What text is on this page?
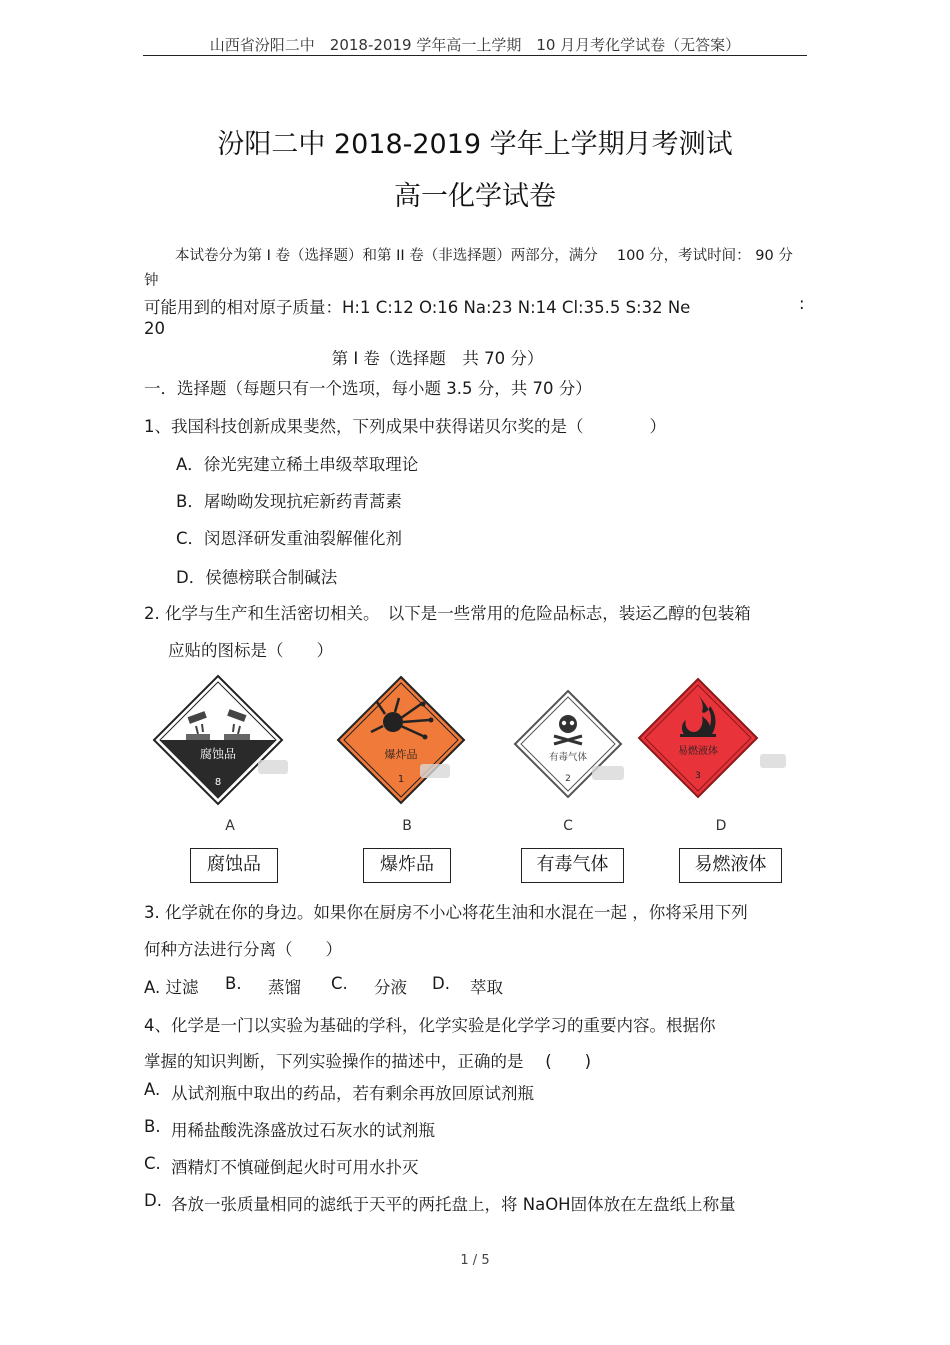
山西省汾阳二中　2018-2019 学年高一上学期　10 月月考化学试卷（无答案）
汾阳二中 2018-2019 学年上学期月考测试
高一化学试卷
本试卷分为第 I 卷（选择题）和第 II 卷（非选择题）两部分，满分　 100 分，考试时间： 90 分
钟
可能用到的相对原子质量：H:1 C:12 O:16 Na:23 N:14 Cl:35.5 S:32 Ne	:
20
第 I 卷（选择题　共 70 分）
一．选择题（每题只有一个选项，每小题 3.5 分，共 70 分）
1、我国科技创新成果斐然，下列成果中获得诺贝尔奖的是（　　　　）
A．徐光宪建立稀土串级萃取理论
B．屠呦呦发现抗疟新药青蒿素
C．闵恩泽研发重油裂解催化剂
D．侯德榜联合制碱法
2. 化学与生产和生活密切相关。　以下是一些常用的危险品标志，装运乙醇的包装箱
应贴的图标是（　　）
腐蚀品
8
爆炸品
1
有毒气体
2
易燃液体
3
A	B	C	D
腐蚀品	爆炸品	有毒气体	易燃液体
3. 化学就在你的身边。如果你在厨房不小心将花生油和水混在一起 ，你将采用下列
何种方法进行分离（　　）
A. 过滤 B. 蒸馏 C. 分液 D. 萃取
4、化学是一门以实验为基础的学科，化学实验是化学学习的重要内容。根据你
掌握的知识判断，下列实验操作的描述中，正确的是　 (　　)
A. 从试剂瓶中取出的药品，若有剩余再放回原试剂瓶
B. 用稀盐酸洗涤盛放过石灰水的试剂瓶
C. 酒精灯不慎碰倒起火时可用水扑灭
D. 各放一张质量相同的滤纸于天平的两托盘上，将 NaOH固体放在左盘纸上称量
1 / 5
